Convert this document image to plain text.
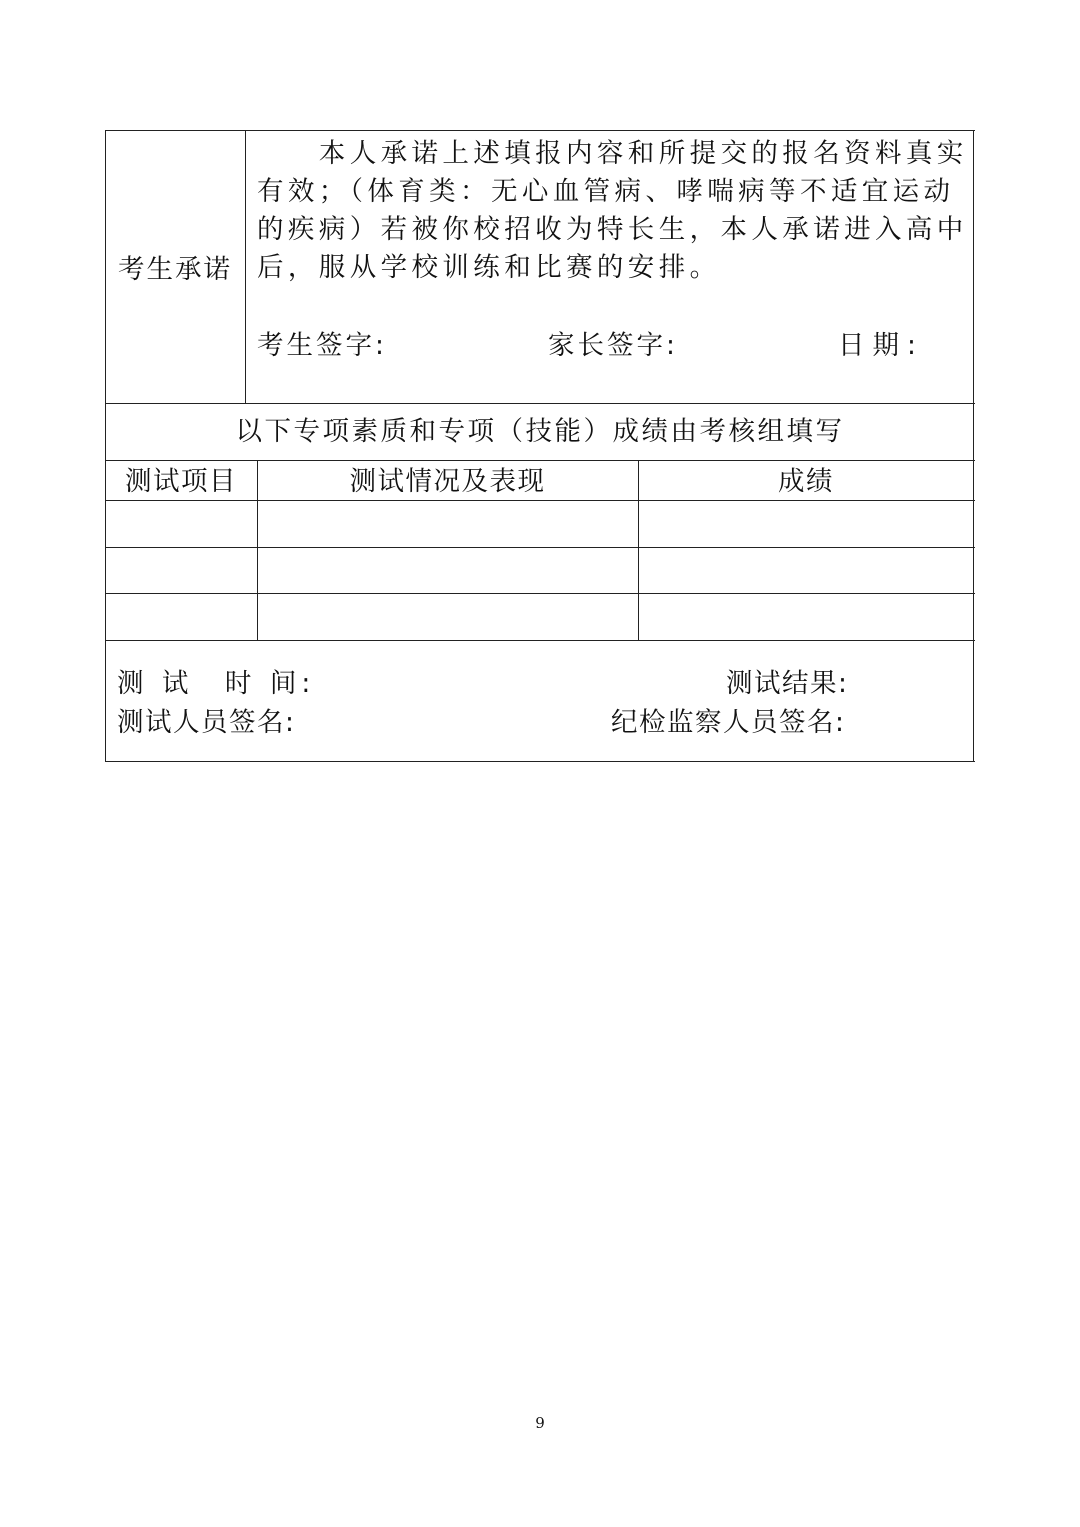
考生承诺
　　本人承诺上述填报内容和所提交的报名资料真实有效；（体育类：无心血管病、哮喘病等不适宜运动的疾病）若被你校招收为特长生，本人承诺进入高中后，服从学校训练和比赛的安排。
考生签字:	家长签字:	日期:
以下专项素质和专项（技能）成绩由考核组填写
测试项目	测试情况及表现	成绩
测 试　时 间:	测试结果:
测试人员签名:	纪检监察人员签名:
9
